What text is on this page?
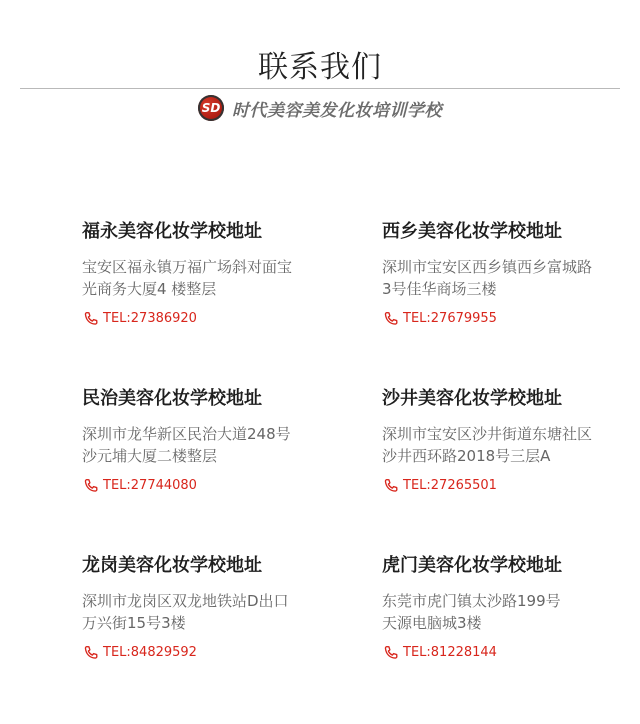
联系我们
SD 时代美容美发化妆培训学校
福永美容化妆学校地址
宝安区福永镇万福广场斜对面宝
光商务大厦4 楼整层
TEL:27386920
西乡美容化妆学校地址
深圳市宝安区西乡镇西乡富城路
3号佳华商场三楼
TEL:27679955
民治美容化妆学校地址
深圳市龙华新区民治大道248号
沙元埔大厦二楼整层
TEL:27744080
沙井美容化妆学校地址
深圳市宝安区沙井街道东塘社区
沙井西环路2018号三层A
TEL:27265501
龙岗美容化妆学校地址
深圳市龙岗区双龙地铁站D出口
万兴街15号3楼
TEL:84829592
虎门美容化妆学校地址
东莞市虎门镇太沙路199号
天源电脑城3楼
TEL:81228144
